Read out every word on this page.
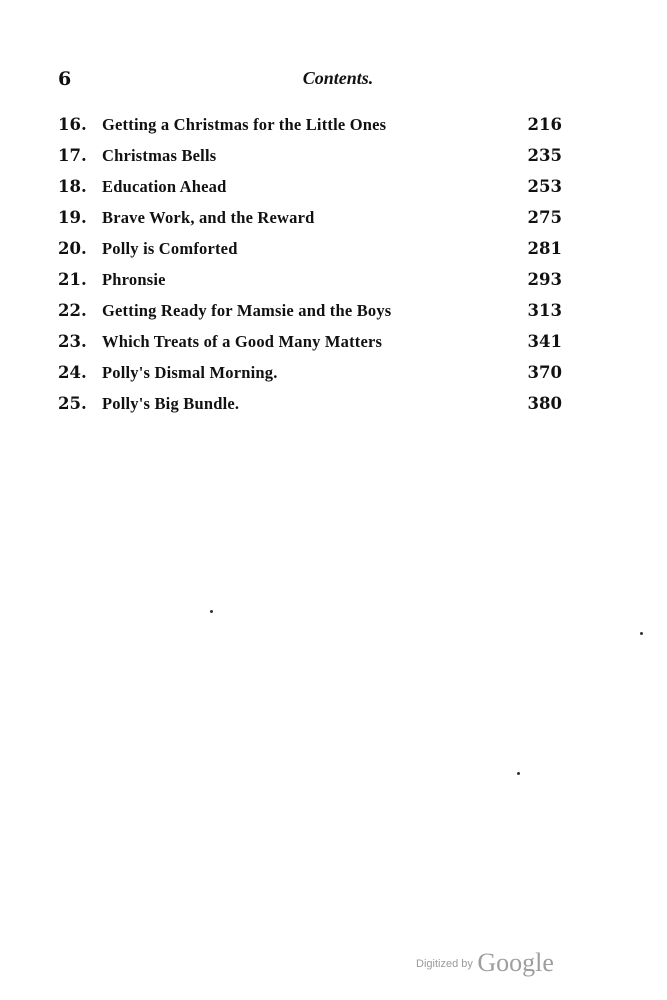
6	Contents.
16. Getting a Christmas for the Little Ones	216
17. Christmas Bells	235
18. Education Ahead	253
19. Brave Work, and the Reward	275
20. Polly is Comforted	281
21. Phronsie	293
22. Getting Ready for Mamsie and the Boys	313
23. Which Treats of a Good Many Matters	341
24. Polly's Dismal Morning.	370
25. Polly's Big Bundle.	380
$^{Digitized by}$ Google
